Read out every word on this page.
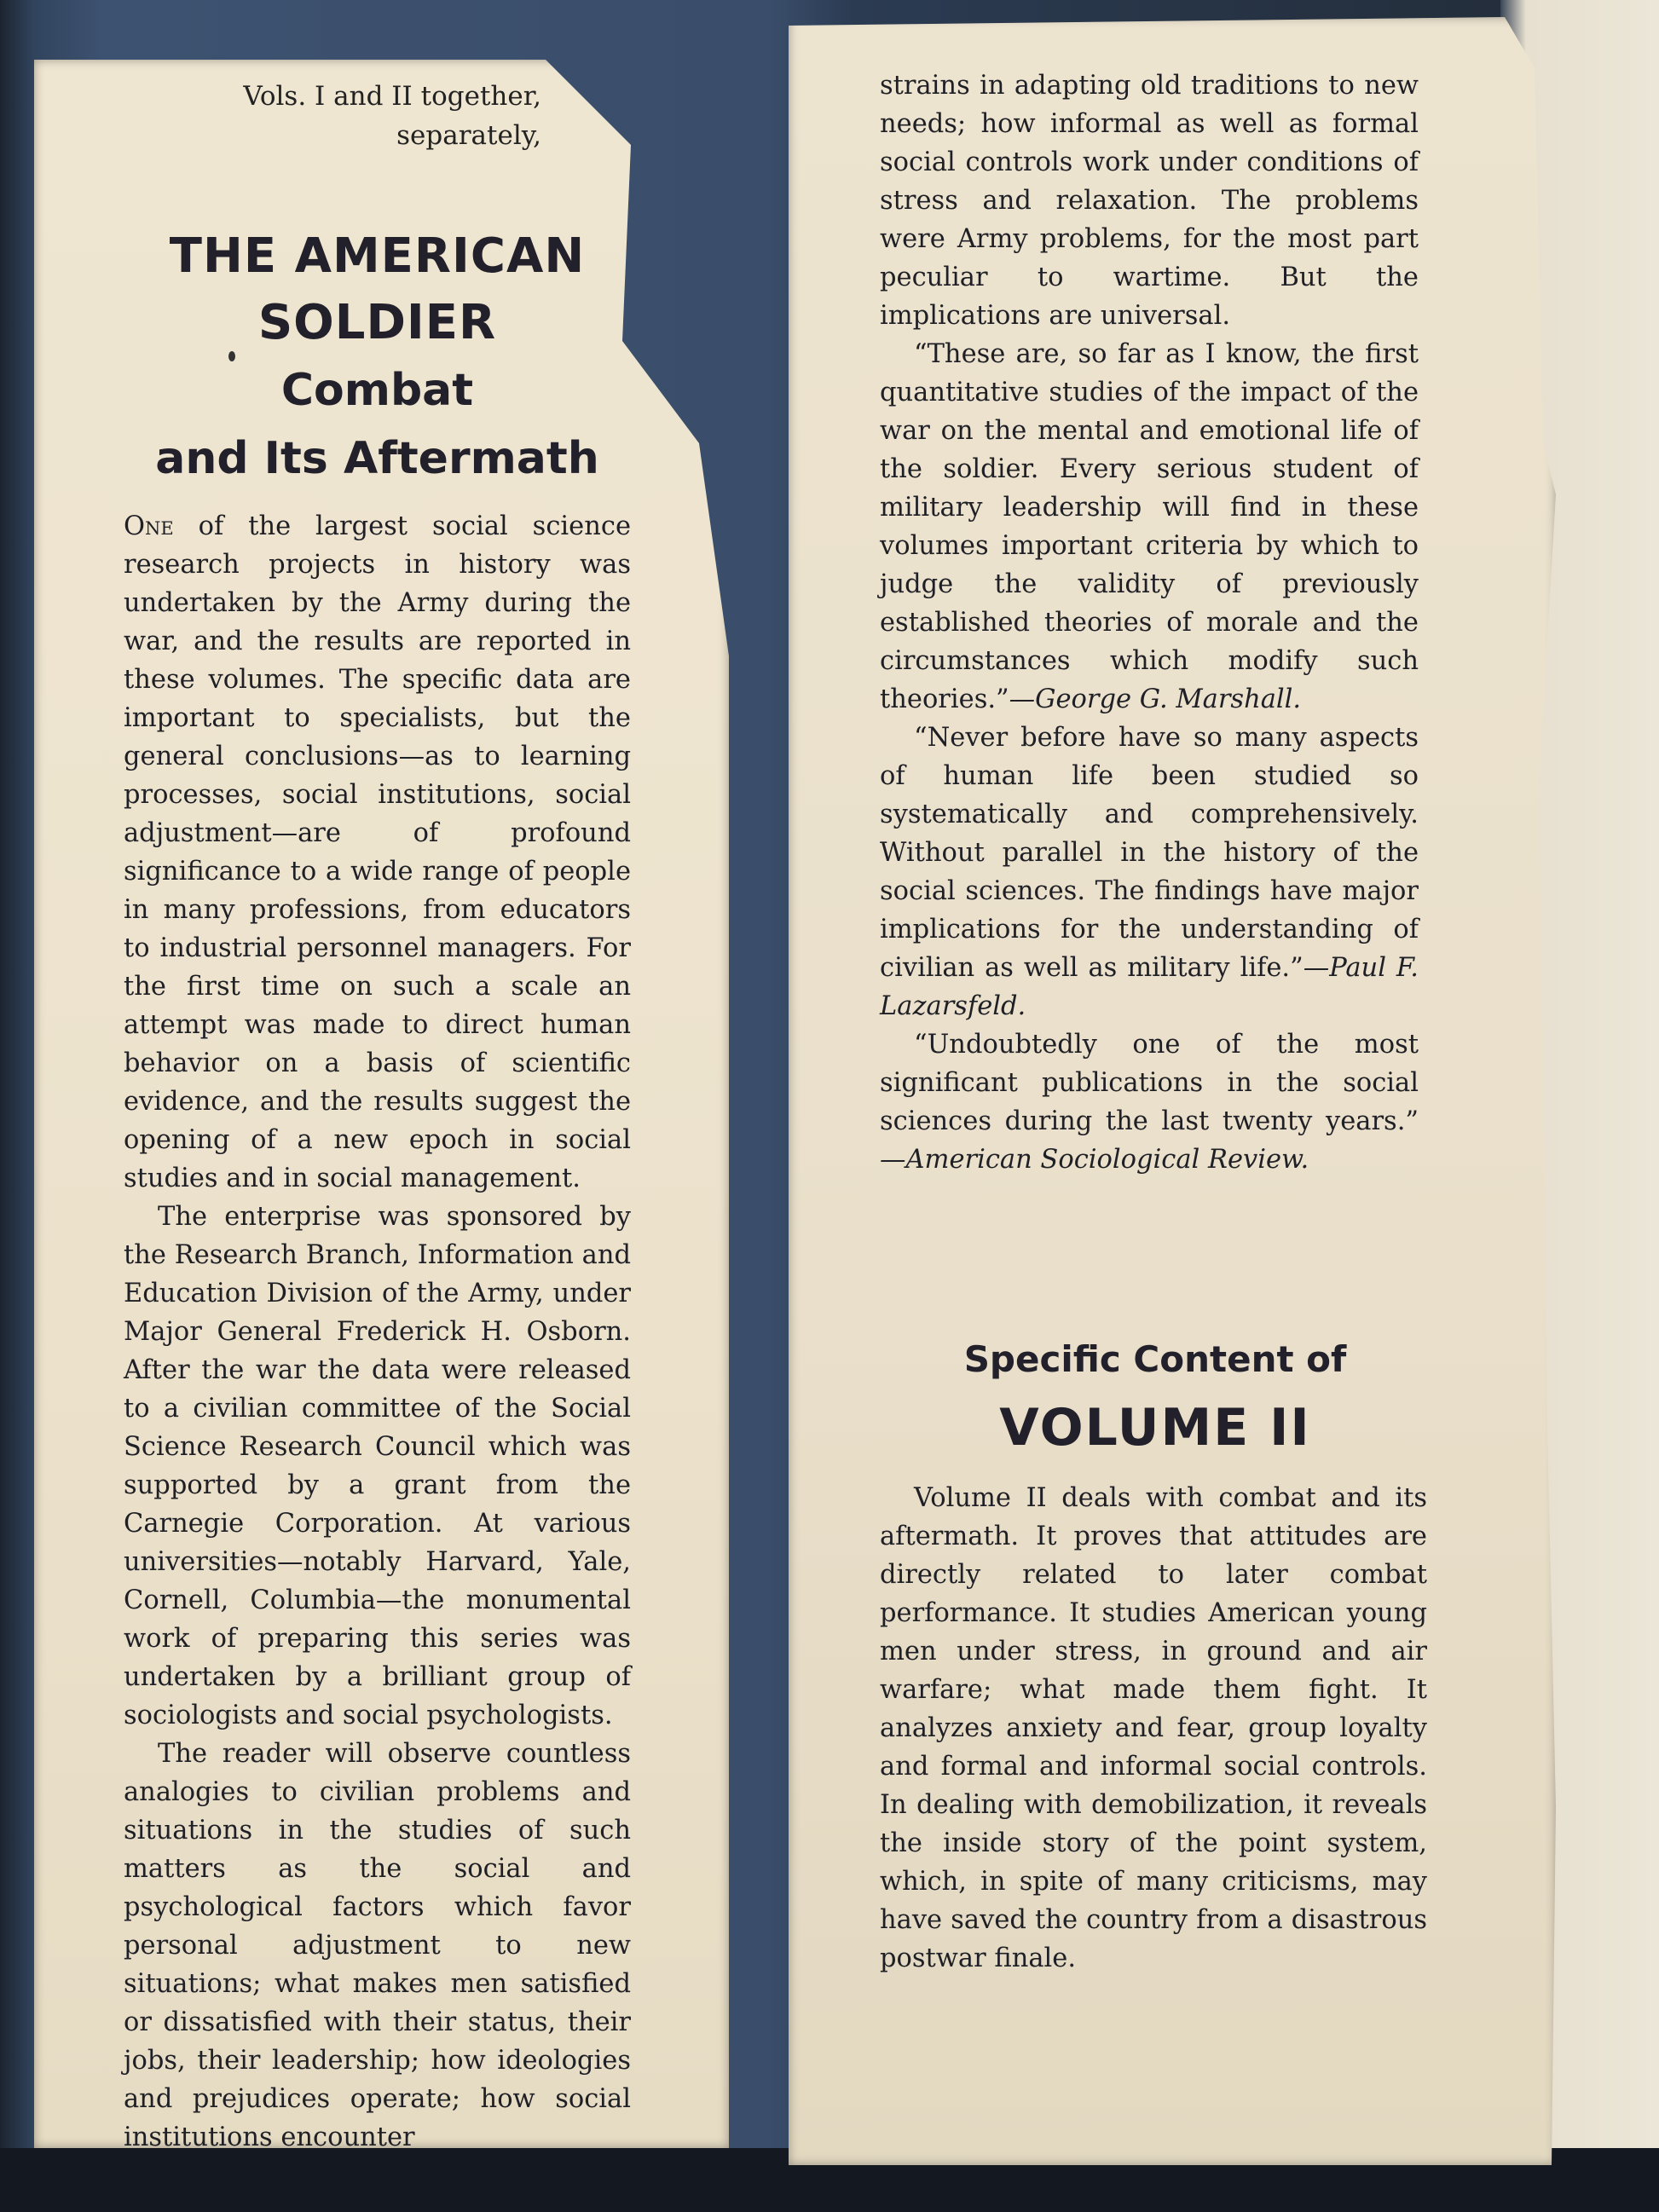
Vols. I and II together,
separately,
THE AMERICAN
SOLDIER
Combat
and Its Aftermath

One of the largest social science research projects in history was undertaken by the Army during the war, and the results are reported in these volumes. The specific data are important to specialists, but the general conclusions—as to learning processes, social institutions, social adjustment—are of profound significance to a wide range of people in many professions, from educators to industrial personnel managers. For the first time on such a scale an attempt was made to direct human behavior on a basis of scientific evidence, and the results suggest the opening of a new epoch in social studies and in social management.

The enterprise was sponsored by the Research Branch, Information and Education Division of the Army, under Major General Frederick H. Osborn. After the war the data were released to a civilian committee of the Social Science Research Council which was supported by a grant from the Carnegie Corporation. At various universities—notably Harvard, Yale, Cornell, Columbia—the monumental work of preparing this series was undertaken by a brilliant group of sociologists and social psychologists.

The reader will observe countless analogies to civilian problems and situations in the studies of such matters as the social and psychological factors which favor personal adjustment to new situations; what makes men satisfied or dissatisfied with their status, their jobs, their leadership; how ideologies and prejudices operate; how social institutions encounter

strains in adapting old traditions to new needs; how informal as well as formal social controls work under conditions of stress and relaxation. The problems were Army problems, for the most part peculiar to wartime. But the implications are universal.

“These are, so far as I know, the first quantitative studies of the impact of the war on the mental and emotional life of the soldier. Every serious student of military leadership will find in these volumes important criteria by which to judge the validity of previously established theories of morale and the circumstances which modify such theories.”—George G. Marshall.

“Never before have so many aspects of human life been studied so systematically and comprehensively. Without parallel in the history of the social sciences. The findings have major implications for the understanding of civilian as well as military life.”—Paul F. Lazarsfeld.

“Undoubtedly one of the most significant publications in the social sciences during the last twenty years.” —American Sociological Review.

Specific Content of
VOLUME II

Volume II deals with combat and its aftermath. It proves that attitudes are directly related to later combat performance. It studies American young men under stress, in ground and air warfare; what made them fight. It analyzes anxiety and fear, group loyalty and formal and informal social controls. In dealing with demobilization, it reveals the inside story of the point system, which, in spite of many criticisms, may have saved the country from a disastrous postwar finale.
